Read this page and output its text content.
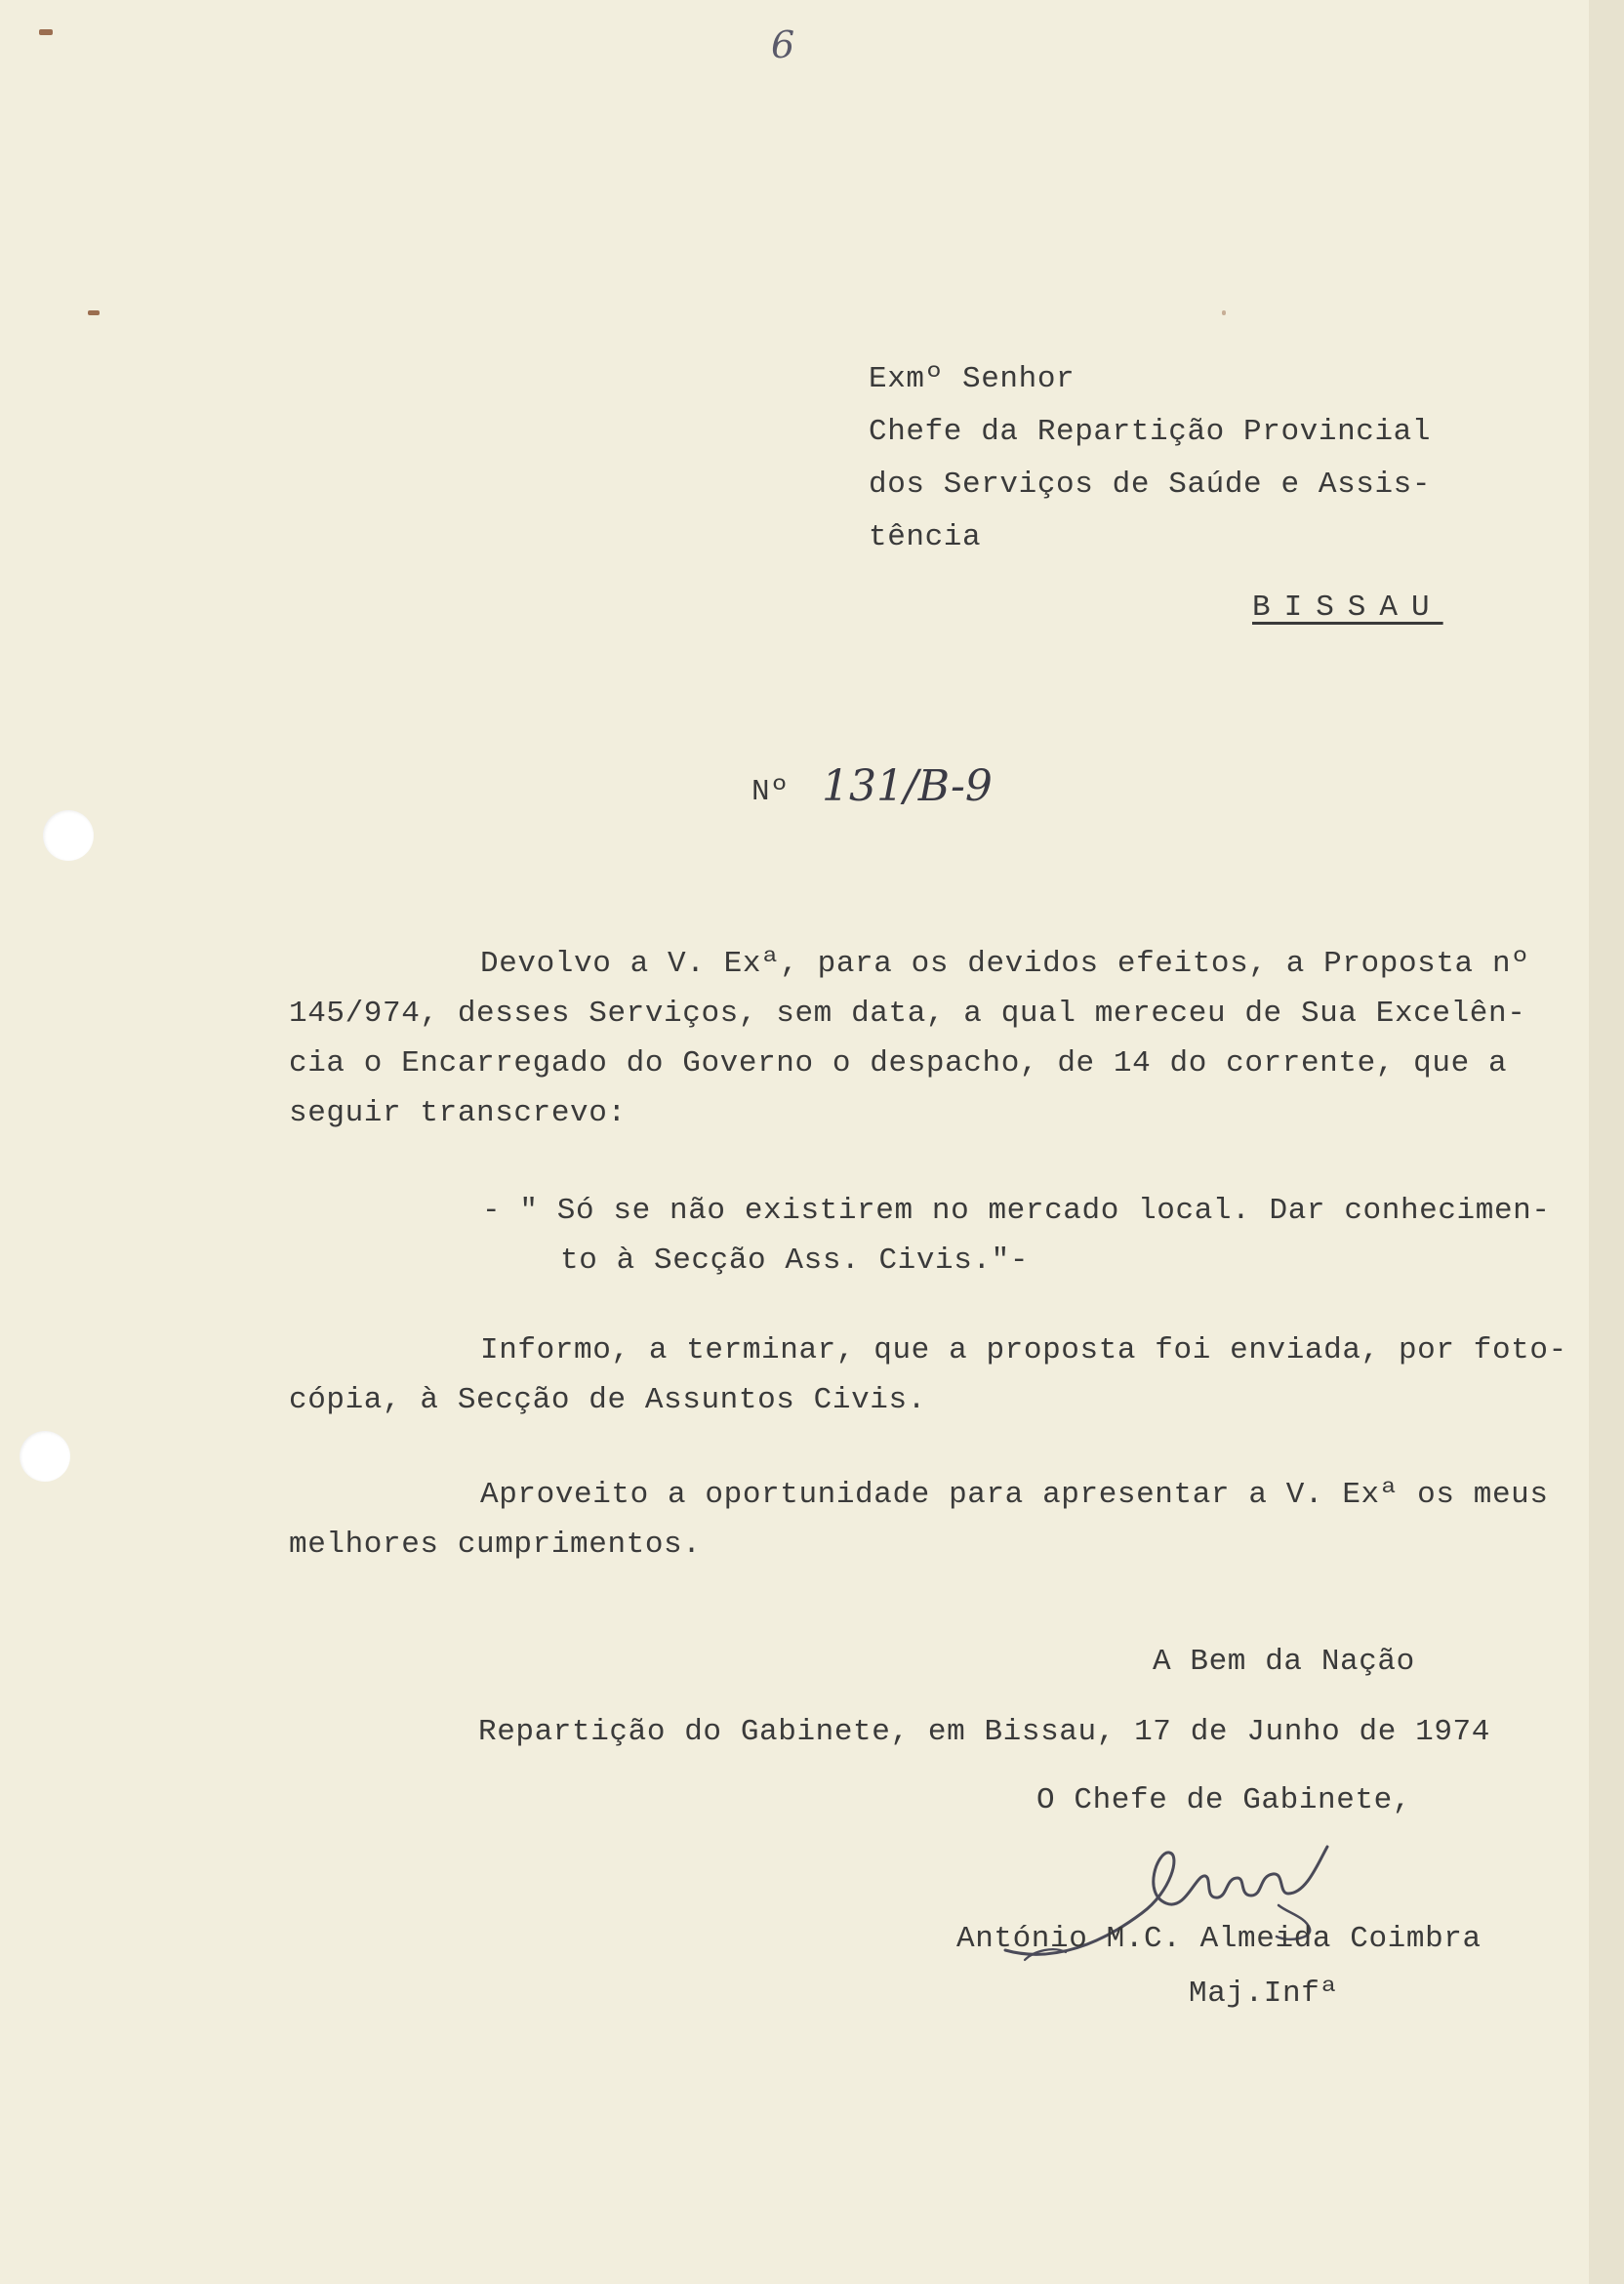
6
Exmº Senhor
Chefe da Repartição Provincial
dos Serviços de Saúde e Assis-
tência
BISSAU
Nº 131/B-9
Devolvo a V. Exª, para os devidos efeitos, a Proposta nº
145/974, desses Serviços, sem data, a qual mereceu de Sua Excelên-
cia o Encarregado do Governo o despacho, de 14 do corrente, que a
seguir transcrevo:
- " Só se não existirem no mercado local. Dar conhecimen-
to à Secção Ass. Civis."-
Informo, a terminar, que a proposta foi enviada, por foto-
cópia, à Secção de Assuntos Civis.
Aproveito a oportunidade para apresentar a V. Exª os meus
melhores cumprimentos.
A Bem da Nação
Repartição do Gabinete, em Bissau, 17 de Junho de 1974
O Chefe de Gabinete,
António M.C. Almeida Coimbra
Maj.Infª
